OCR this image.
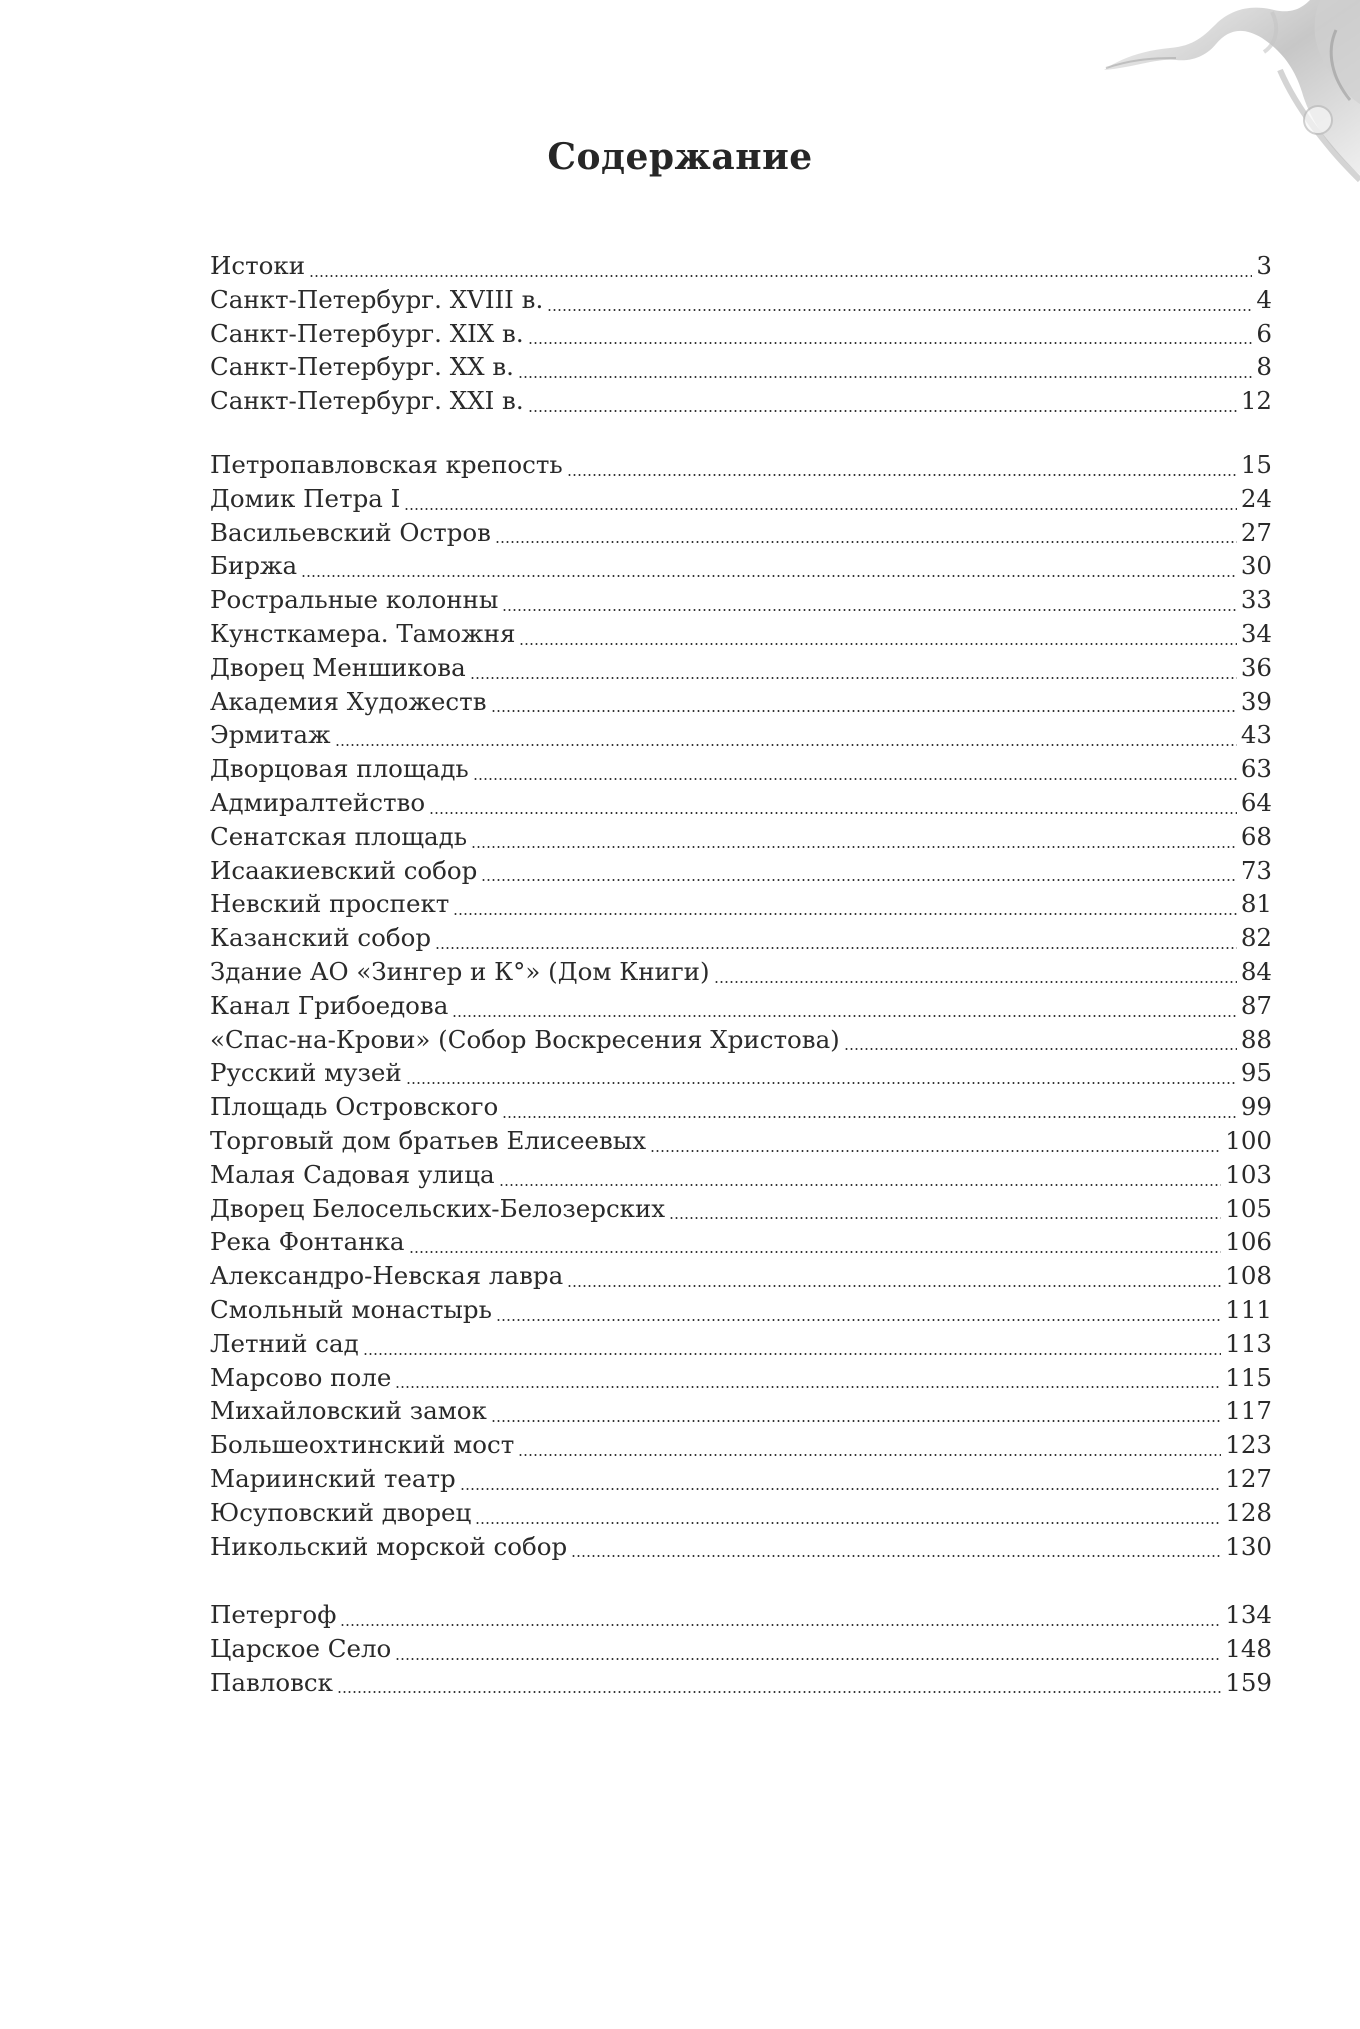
Содержание
Истоки	3
Санкт-Петербург. XVIII в.	4
Санкт-Петербург. XIX в.	6
Санкт-Петербург. XX в.	8
Санкт-Петербург. XXI в.	12
Петропавловская крепость	15
Домик Петра I	24
Васильевский Остров	27
Биржа	30
Ростральные колонны	33
Кунсткамера. Таможня	34
Дворец Меншикова	36
Академия Художеств	39
Эрмитаж	43
Дворцовая площадь	63
Адмиралтейство	64
Сенатская площадь	68
Исаакиевский собор	73
Невский проспект	81
Казанский собор	82
Здание АО «Зингер и К°» (Дом Книги)	84
Канал Грибоедова	87
«Спас-на-Крови» (Собор Воскресения Христова)	88
Русский музей	95
Площадь Островского	99
Торговый дом братьев Елисеевых	100
Малая Садовая улица	103
Дворец Белосельских-Белозерских	105
Река Фонтанка	106
Александро-Невская лавра	108
Смольный монастырь	111
Летний сад	113
Марсово поле	115
Михайловский замок	117
Большеохтинский мост	123
Мариинский театр	127
Юсуповский дворец	128
Никольский морской собор	130
Петергоф	134
Царское Село	148
Павловск	159
